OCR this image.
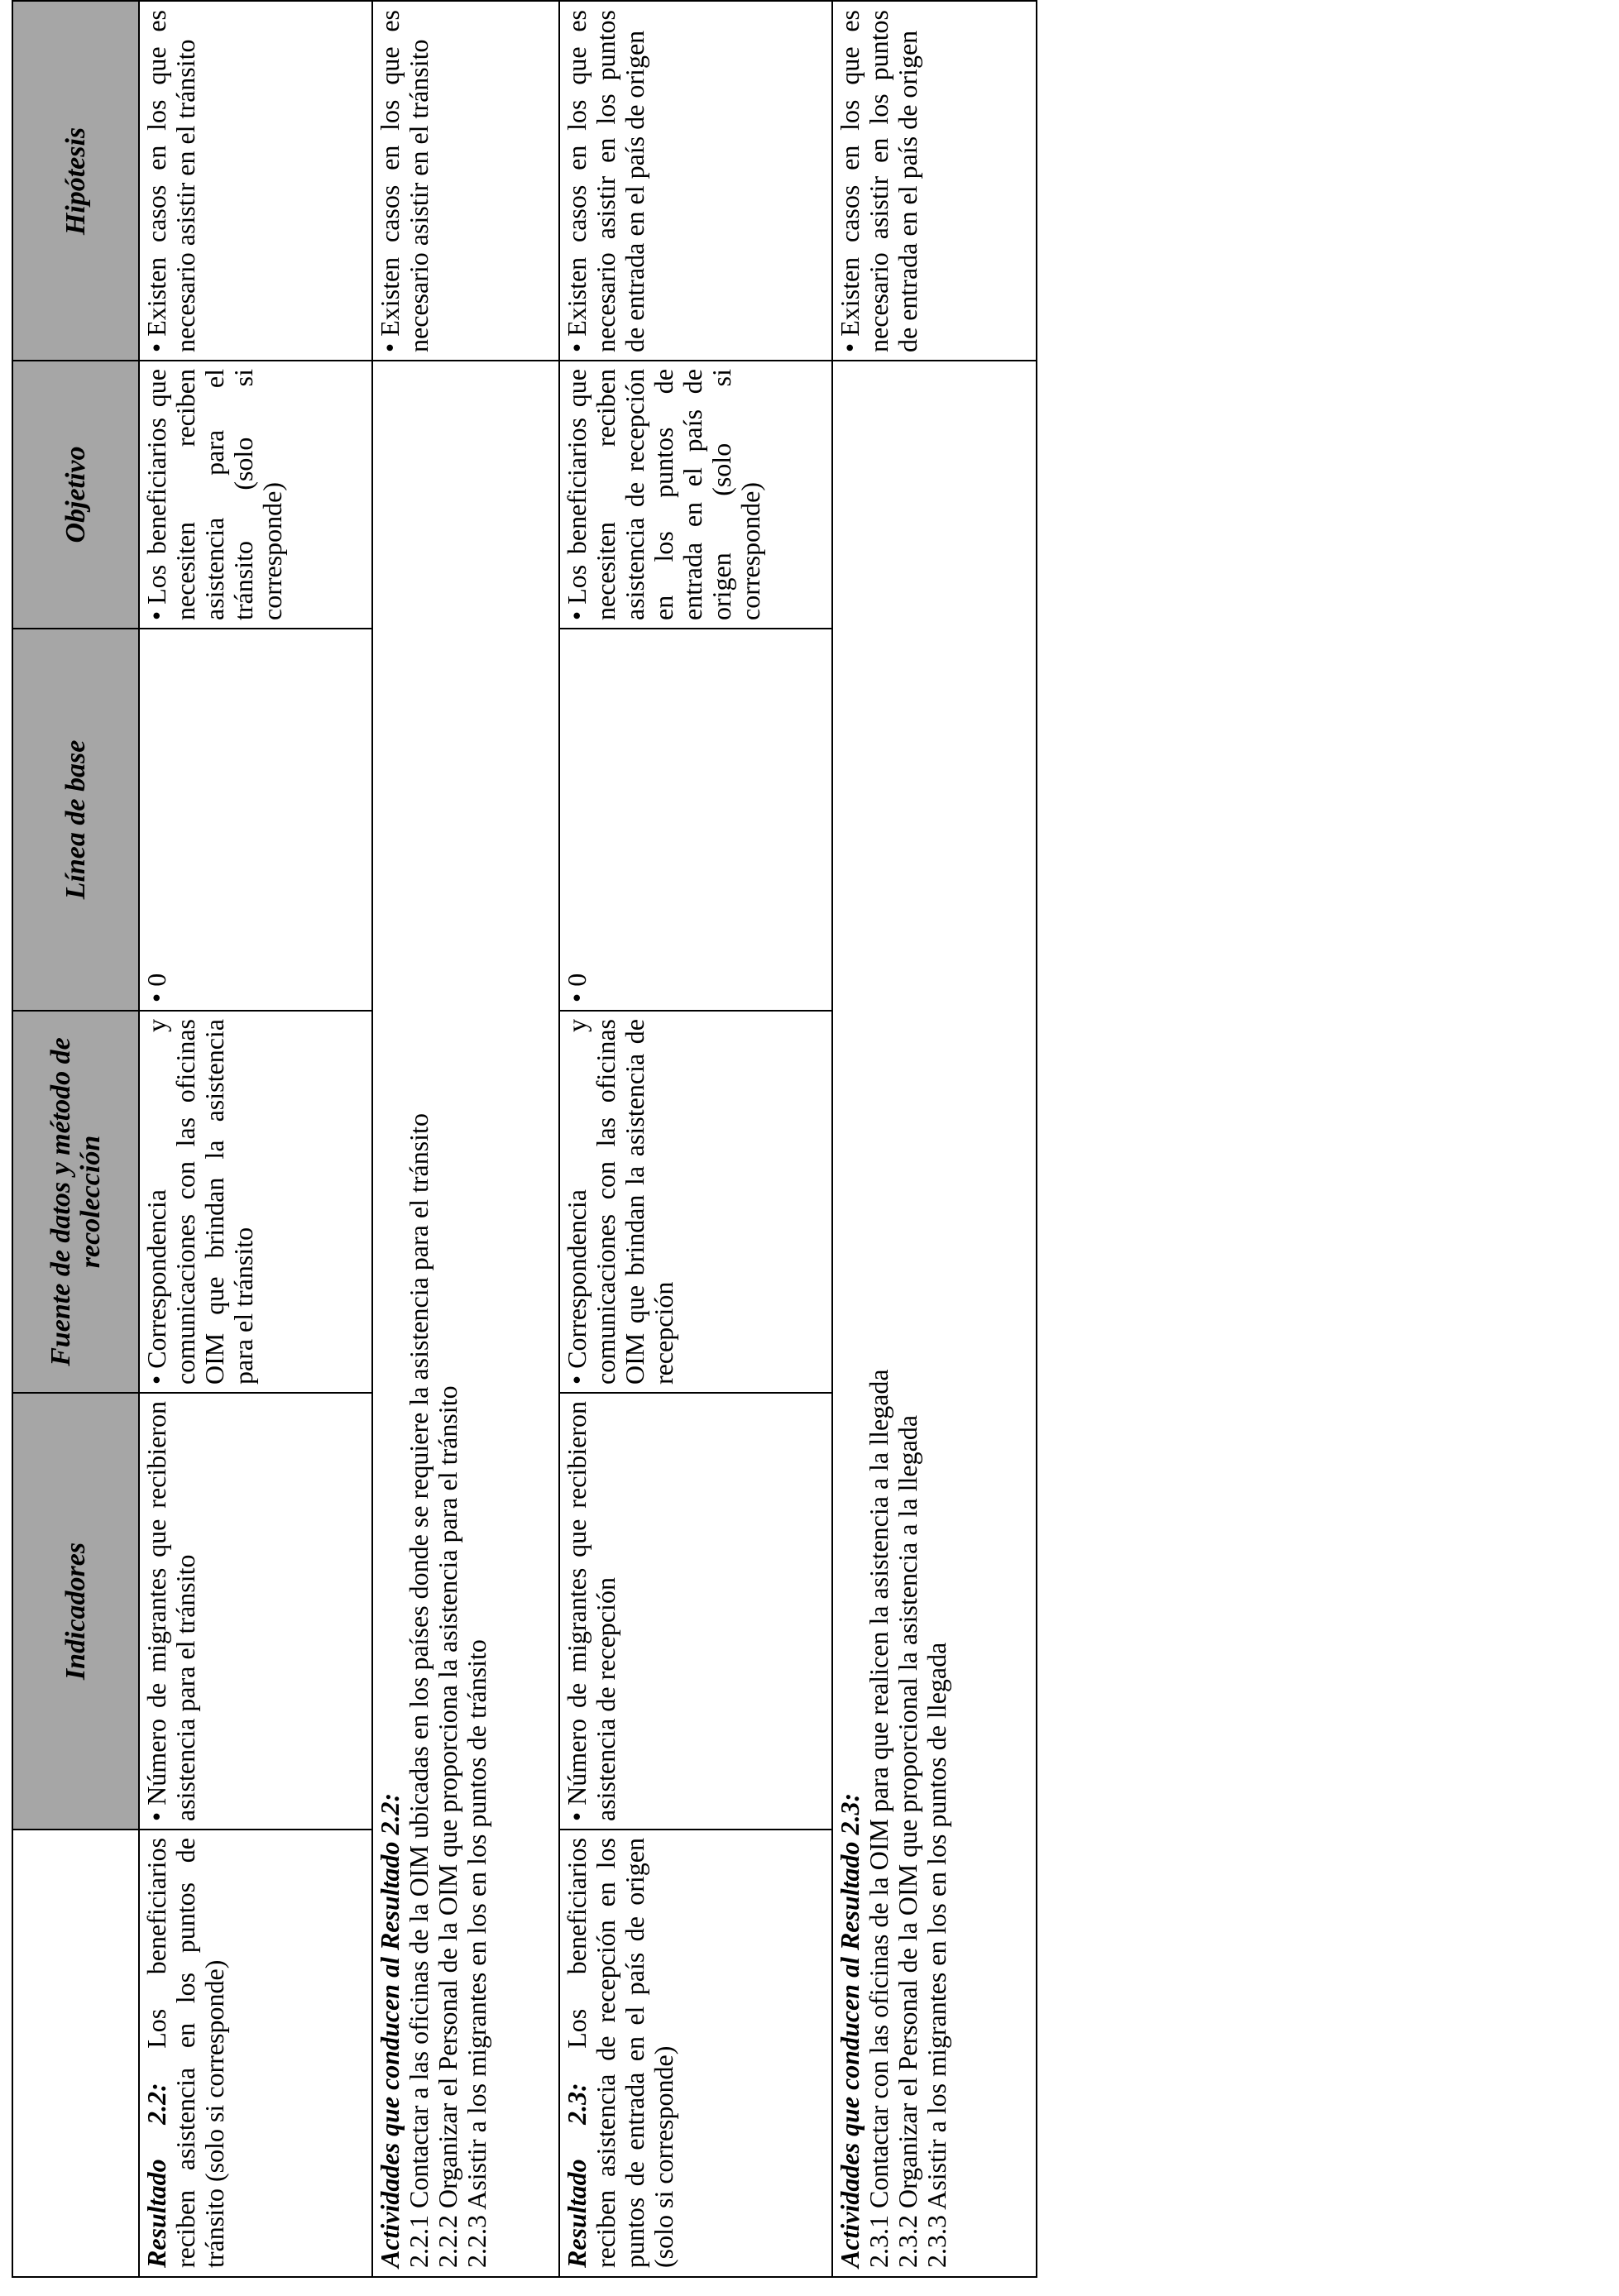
Indicadores
Fuente de datos y método de recolección
Línea de base
Objetivo
Hipótesis
Resultado 2.2: Los beneficiarios reciben asistencia en los puntos de tránsito (solo si corresponde)
• Número de migrantes que recibieron asistencia para el tránsito
• Correspondencia y comunicaciones con las oficinas OIM que brindan la asistencia para el tránsito
• 0
• Los beneficiarios que necesiten reciben asistencia para el tránsito (solo si corresponde)
• Existen casos en los que es necesario asistir en el tránsito
Actividades que conducen al Resultado 2.2: 2.2.1 Contactar a las oficinas de la OIM ubicadas en los países donde se requiere la asistencia para el tránsito 2.2.2 Organizar el Personal de la OIM que proporciona la asistencia para el tránsito 2.2.3 Asistir a los migrantes en los en los puntos de tránsito
• Existen casos en los que es necesario asistir en el tránsito
Resultado 2.3: Los beneficiarios reciben asistencia de recepción en los puntos de entrada en el país de origen (solo si corresponde)
• Número de migrantes que recibieron asistencia de recepción
• Correspondencia y comunicaciones con las oficinas OIM que brindan la asistencia de recepción
• 0
• Los beneficiarios que necesiten reciben asistencia de recepción en los puntos de entrada en el país de origen (solo si corresponde)
• Existen casos en los que es necesario asistir en los puntos de entrada en el país de origen
Actividades que conducen al Resultado 2.3: 2.3.1 Contactar con las oficinas de la OIM para que realicen la asistencia a la llegada 2.3.2 Organizar el Personal de la OIM que proporcional la asistencia a la llegada 2.3.3 Asistir a los migrantes en los en los puntos de llegada
• Existen casos en los que es necesario asistir en los puntos de entrada en el país de origen
